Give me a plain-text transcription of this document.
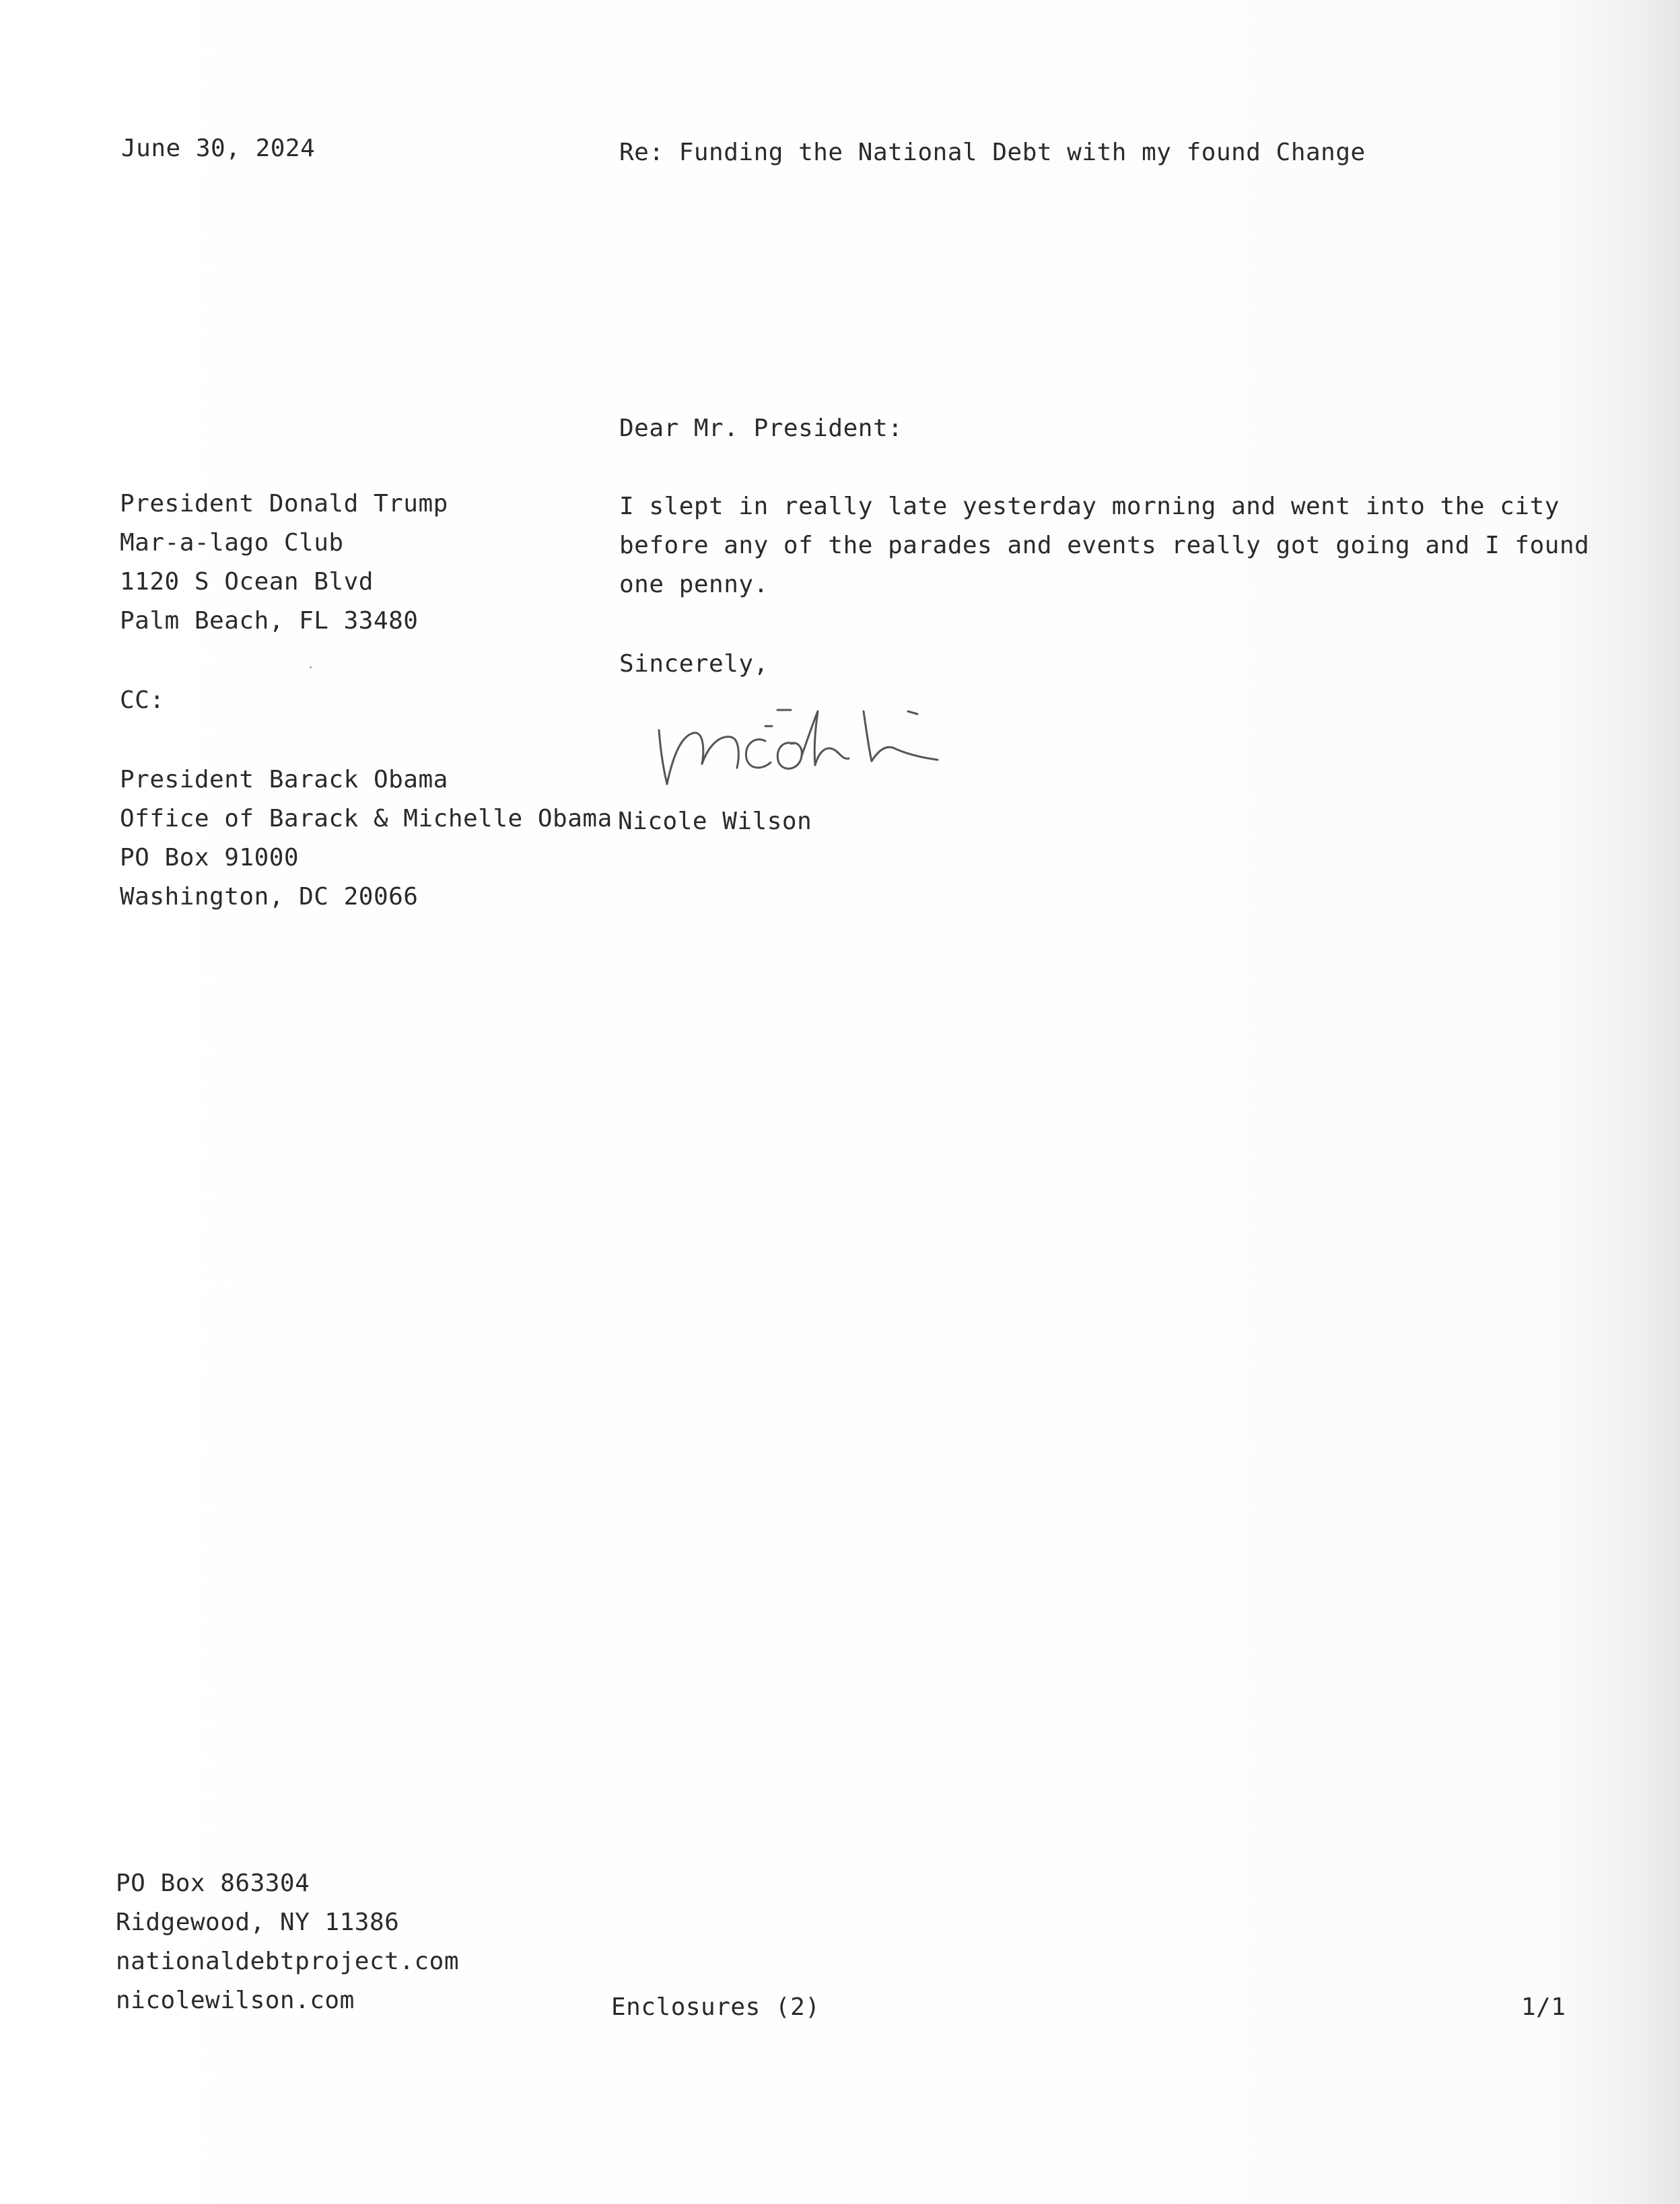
June 30, 2024	Re: Funding the National Debt with my found Change
Dear Mr. President:
President Donald Trump
Mar-a-lago Club
1120 S Ocean Blvd
Palm Beach, FL 33480
I slept in really late yesterday morning and went into the city
before any of the parades and events really got going and I found
one penny.
Sincerely,
CC:
President Barack Obama
Office of Barack & Michelle Obama
PO Box 91000
Washington, DC 20066
Nicole Wilson
PO Box 863304
Ridgewood, NY 11386
nationaldebtproject.com
nicolewilson.com	Enclosures (2)	1/1
